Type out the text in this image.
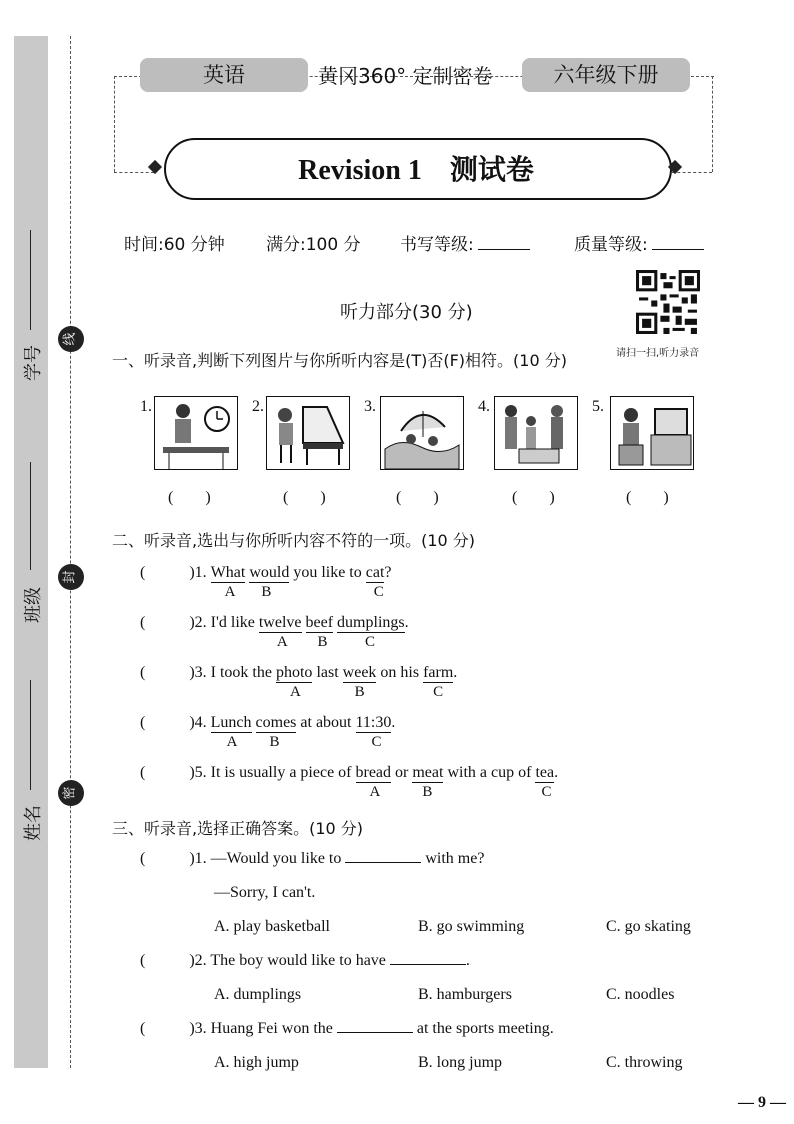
学号
班级
姓名
线
封
密
英语	黄冈360° 定制密卷	六年级下册
Revision 1　测试卷
时间:60 分钟 满分:100 分 书写等级:	质量等级:
听力部分(30 分)
请扫一扫,听力录音
一、听录音,判断下列图片与你所听内容是(T)否(F)相符。(10 分)
1.	2.	3.	4.	5.
(　　)	(　　)	(　　)	(　　)	(　　)
二、听录音,选出与你所听内容不符的一项。(10 分)
(	)1. What
A
would
B
you like to cat
C
?
(	)2. I'd like twelve
A
beef
B
dumplings
C
.
(	)3. I took the photo
A
last week
B
on his farm
C
.
(	)4. Lunch
A
comes
B
at about 11:30
C
.
(	)5. It is usually a piece of bread
A
or meat
B
with a cup of tea
C
.
三、听录音,选择正确答案。(10 分)
(	)1. —Would you like to	with me?
—Sorry, I can't.
A. play basketball	B. go swimming	C. go skating
(	)2. The boy would like to have	.
A. dumplings	B. hamburgers	C. noodles
(	)3. Huang Fei won the	at the sports meeting.
A. high jump	B. long jump	C. throwing
— 9 —
